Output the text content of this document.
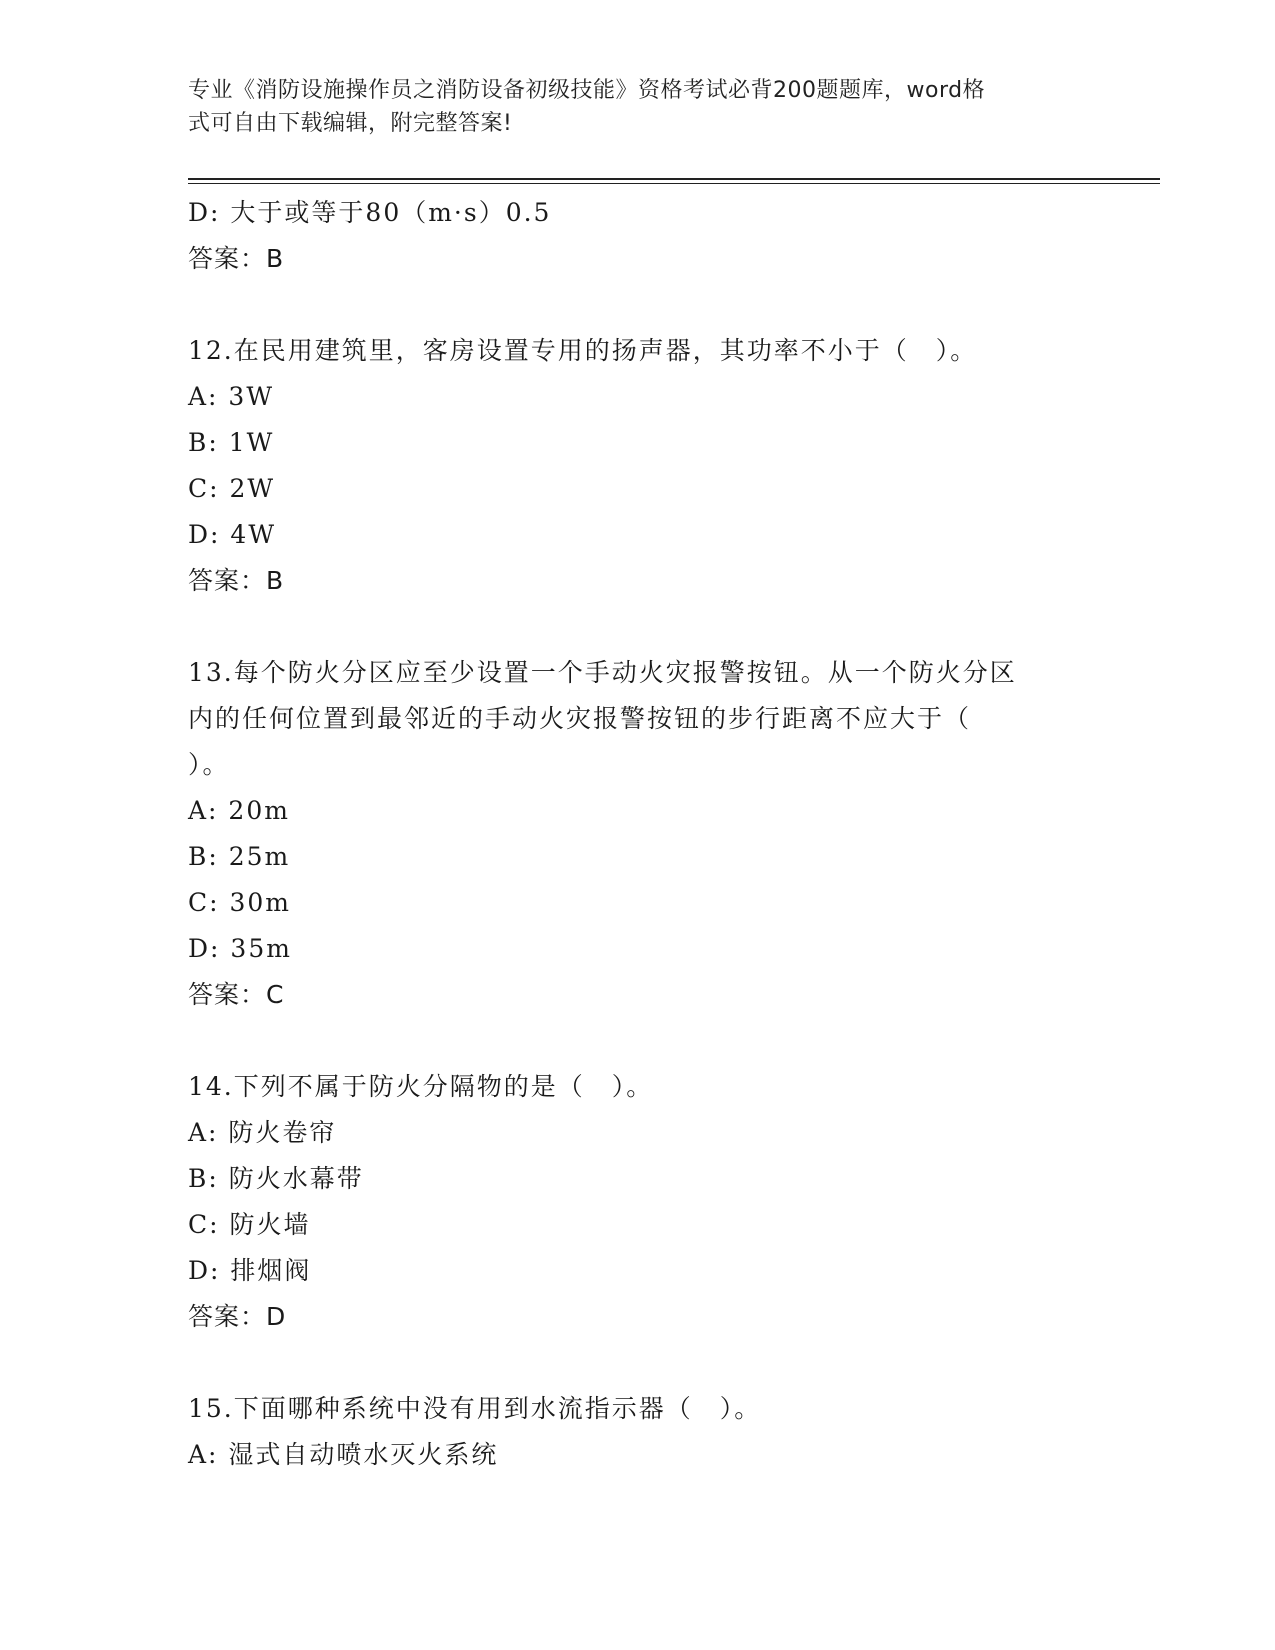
专业《消防设施操作员之消防设备初级技能》资格考试必背200题题库，word格
式可自由下载编辑，附完整答案!
D: 大于或等于80（m·s）0.5
答案：B
12.在民用建筑里，客房设置专用的扬声器，其功率不小于（　）。
A: 3W
B: 1W
C: 2W
D: 4W
答案：B
13.每个防火分区应至少设置一个手动火灾报警按钮。从一个防火分区
内的任何位置到最邻近的手动火灾报警按钮的步行距离不应大于（
）。
A: 20m
B: 25m
C: 30m
D: 35m
答案：C
14.下列不属于防火分隔物的是（　）。
A: 防火卷帘
B: 防火水幕带
C: 防火墙
D: 排烟阀
答案：D
15.下面哪种系统中没有用到水流指示器（　）。
A: 湿式自动喷水灭火系统
